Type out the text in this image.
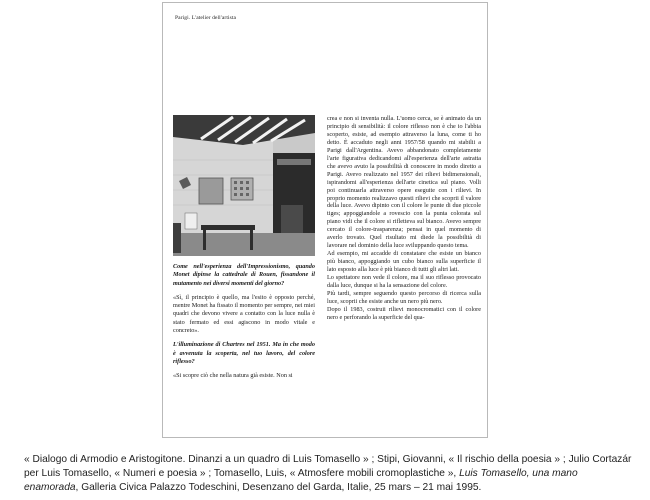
Parigi. L'atelier dell'artista

Come nell'esperienza dell'Impressionismo, quando Monet dipinse la cattedrale di Rouen, fissandone il mutamento nei diversi momenti del giorno?

«Sì, il principio è quello, ma l'esito è opposto perché, mentre Monet ha fissato il momento per sempre, nei miei quadri che devono vivere a contatto con la luce nulla è stato fermato ed essi agiscono in modo vitale e concreto».

L'illuminazione di Chartres nel 1951. Ma in che modo è avvenuta la scoperta, nel tuo lavoro, del colore riflesso?

«Si scopre ciò che nella natura già esiste. Non si

crea e non si inventa nulla. L'uomo cerca, se è animato da un principio di sensibilità: il colore riflesso non è che io l'abbia scoperto, esiste, ad esempio attraverso la luna, come ti ho detto. È accaduto negli anni 1957/58 quando mi stabilii a Parigi dall'Argentina. Avevo abbandonato completamente l'arte figurativa dedicandomi all'esperienza dell'arte astratta che avevo avuto la possibilità di conoscere in modo diretto a Parigi. Avevo realizzato nel 1957 dei rilievi bidimensionali, ispirandomi all'esperienza dell'arte cinetica sul piano. Volli poi continuarla attraverso opere eseguite con i rilievi. In proprio momento realizzavo questi rilievi che scoprii il valore della luce. Avevo dipinto con il colore le punte di due piccole tiges; appoggiandole a rovescio con la punta colorata sul piano vidi che il colore si rifletteva sul bianco. Avevo sempre cercato il colore-trasparenza; pensai in quel momento di averlo trovato. Quel risultato mi diede la possibilità di lavorare nel dominio della luce sviluppando questo tema.

Ad esempio, mi accadde di constatare che esiste un bianco più bianco, appoggiando un cubo bianco sulla superficie il lato esposto alla luce è più bianco di tutti gli altri lati.

Lo spettatore non vede il colore, ma il suo riflesso provocato dalla luce, dunque si ha la sensazione del colore.

Più tardi, sempre seguendo questo percorso di ricerca sulla luce, scoprii che esiste anche un nero più nero.

Dopo il 1983, costruii rilievi monocromatici con il colore nero e perforando la superficie del qua-

« Dialogo di Armodio e Aristogitone. Dinanzi a un quadro di Luis Tomasello » ; Stipi, Giovanni, « Il rischio della poesia » ; Julio Cortazár per Luis Tomasello, « Numeri e poesia » ; Tomasello, Luis, « Atmosfere mobili cromoplastiche », Luis Tomasello, una mano enamorada, Galleria Civica Palazzo Todeschini, Desenzano del Garda, Italie, 25 mars – 21 mai 1995.
